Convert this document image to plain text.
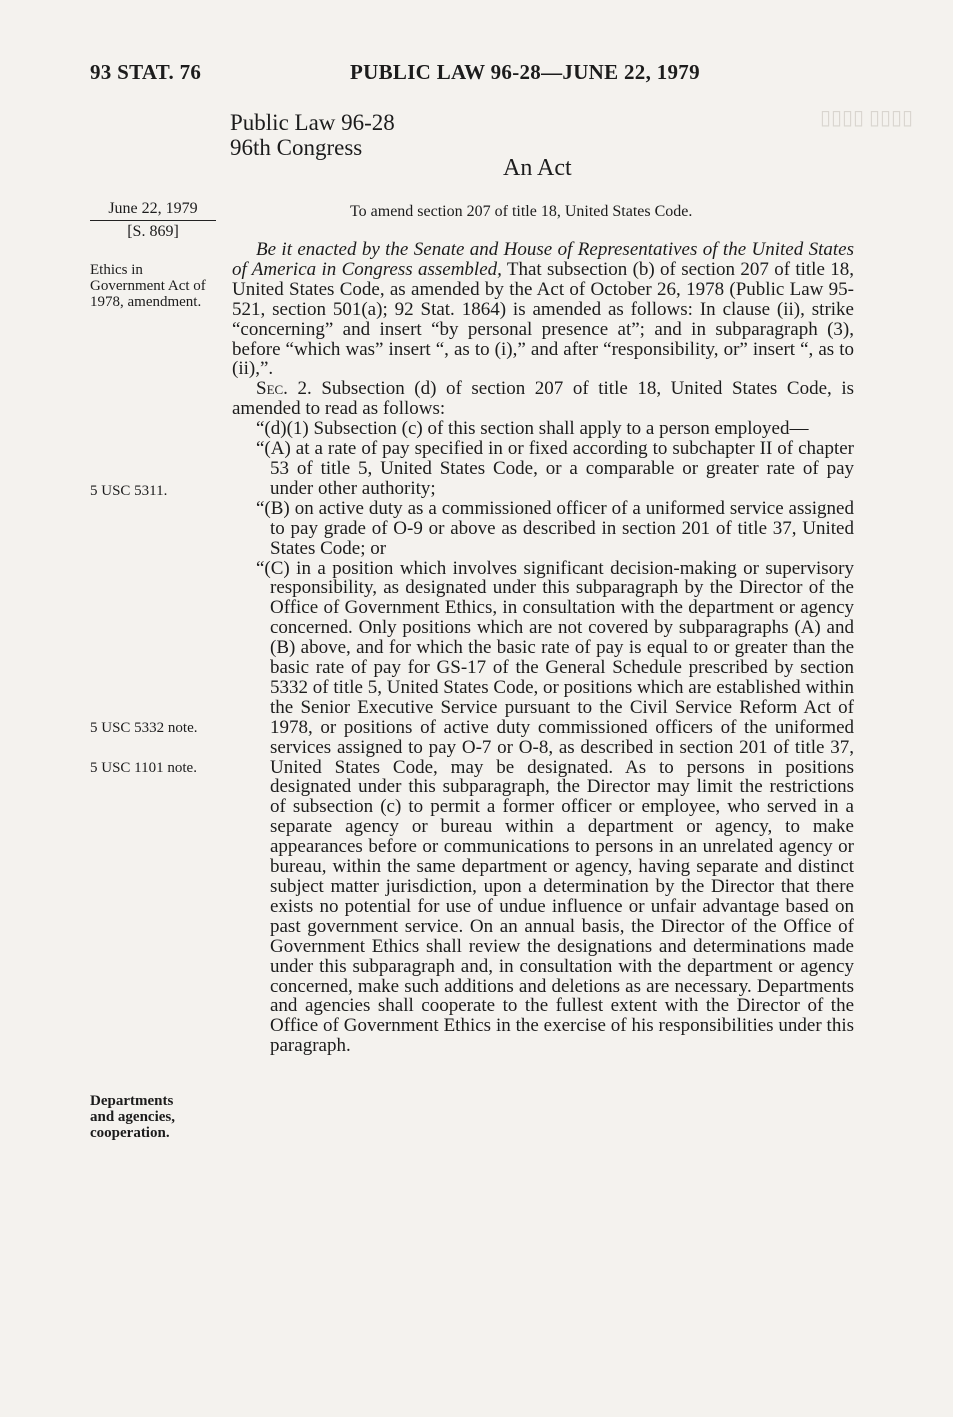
▯▯▯▯ ▯▯▯▯
93 STAT. 76	PUBLIC LAW 96-28—JUNE 22, 1979
Public Law 96-28
96th Congress
An Act
June 22, 1979
[S. 869]
To amend section 207 of title 18, United States Code.
Ethics in Government Act of 1978, amendment.
5 USC 5311.
5 USC 5332 note.
5 USC 1101 note.
Departments and agencies, cooperation.

Be it enacted by the Senate and House of Representatives of the United States of America in Congress assembled, That subsection (b) of section 207 of title 18, United States Code, as amended by the Act of October 26, 1978 (Public Law 95-521, section 501(a); 92 Stat. 1864) is amended as follows: In clause (ii), strike “concerning” and insert “by personal presence at”; and in subparagraph (3), before “which was” insert “, as to (i),” and after “responsibility, or” insert “, as to (ii),”.

Sec. 2. Subsection (d) of section 207 of title 18, United States Code, is amended to read as follows:

“(d)(1) Subsection (c) of this section shall apply to a person employed—

“(A) at a rate of pay specified in or fixed according to subchapter II of chapter 53 of title 5, United States Code, or a comparable or greater rate of pay under other authority;

“(B) on active duty as a commissioned officer of a uniformed service assigned to pay grade of O-9 or above as described in section 201 of title 37, United States Code; or

“(C) in a position which involves significant decision-making or supervisory responsibility, as designated under this subparagraph by the Director of the Office of Government Ethics, in consultation with the department or agency concerned. Only positions which are not covered by subparagraphs (A) and (B) above, and for which the basic rate of pay is equal to or greater than the basic rate of pay for GS-17 of the General Schedule prescribed by section 5332 of title 5, United States Code, or positions which are established within the Senior Executive Service pursuant to the Civil Service Reform Act of 1978, or positions of active duty commissioned officers of the uniformed services assigned to pay O-7 or O-8, as described in section 201 of title 37, United States Code, may be designated. As to persons in positions designated under this subparagraph, the Director may limit the restrictions of subsection (c) to permit a former officer or employee, who served in a separate agency or bureau within a department or agency, to make appearances before or communications to persons in an unrelated agency or bureau, within the same department or agency, having separate and distinct subject matter jurisdiction, upon a determination by the Director that there exists no potential for use of undue influence or unfair advantage based on past government service. On an annual basis, the Director of the Office of Government Ethics shall review the designations and determinations made under this subparagraph and, in consultation with the department or agency concerned, make such additions and deletions as are necessary. Departments and agencies shall cooperate to the fullest extent with the Director of the Office of Government Ethics in the exercise of his responsibilities under this paragraph.
